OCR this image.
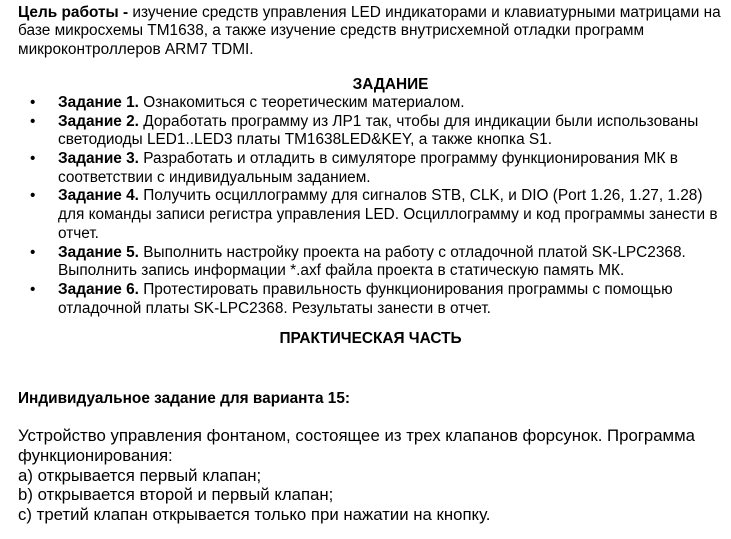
Цель работы - изучение средств управления LED индикаторами и клавиатурными матрицами на базе микросхемы TM1638, а также изучение средств внутрисхемной отладки программ микроконтроллеров ARM7 TDMI.

ЗАДАНИЕ

• Задание 1. Ознакомиться с теоретическим материалом.
• Задание 2. Доработать программу из ЛР1 так, чтобы для индикации были использованы светодиоды LED1..LED3 платы TM1638LED&KEY, а также кнопка S1.
• Задание 3. Разработать и отладить в симуляторе программу функционирования МК в соответствии с индивидуальным заданием.
• Задание 4. Получить осциллограмму для сигналов STB, CLK, и DIO (Port 1.26, 1.27, 1.28) для команды записи регистра управления LED. Осциллограмму и код программы занести в отчет.
• Задание 5. Выполнить настройку проекта на работу с отладочной платой SK-LPC2368. Выполнить запись информации *.axf файла проекта в статическую память МК.
• Задание 6. Протестировать правильность функционирования программы с помощью отладочной платы SK-LPC2368. Результаты занести в отчет.

ПРАКТИЧЕСКАЯ ЧАСТЬ

Индивидуальное задание для варианта 15:

Устройство управления фонтаном, состоящее из трех клапанов форсунок. Программа функционирования:

a) открывается первый клапан;

b) открывается второй и первый клапан;

c) третий клапан открывается только при нажатии на кнопку.
